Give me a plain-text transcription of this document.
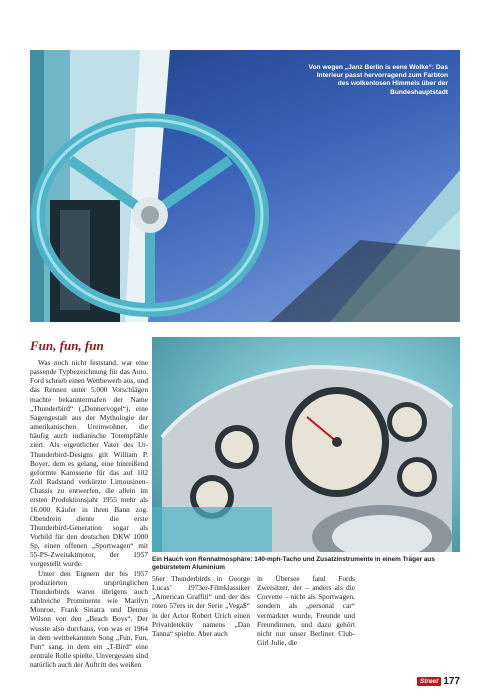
Von wegen „Janz Berlin is eene Wolke“: Das Interieur passt hervorragend zum Farbton des wolkenlosen Himmels über der Bundeshauptstadt
Fun, fun, fun

Was noch nicht feststand, war eine passende Typbezeichnung für das Auto. Ford schrieb einen Wettbewerb aus, und das Rennen unter 5.000 Vorschlägen machte bekanntermafen der Name „Thunderbird“ („Donnervogel“), eine Sagengestalt aus der Mythologie der amerikanischen Ureinwohner, die häufig auch indianische Totempfähle ziert. Als eigentlicher Vater des Ur-Thunderbird-Designs gilt William P. Boyer, dem es gelang, eine hinreißend geformte Karosserie für das auf 102 Zoll Radstand verkürzte Limousinen-Chassis zu entwerfen, die allein im ersten Produktionsjahr 1955 mehr als 16.000 Käufer in ihren Bann zog. Obendrein diente die erste Thunderbird-Generation sogar als Vorbild für den deutschen DKW 1000 Sp, einen offenen „Sportwagen“ mit 55-PS-Zweitaktmotor, der 1957 vorgestellt wurde.

Unter den Eignern der bis 1957 produzierten ursprünglichen Thunderbirds waren übrigens auch zahlreiche Prominente wie Marilyn Monroe, Frank Sinatra und Dennis Wilson von den „Beach Boys“. Der wusste also durchaus, von was er 1964 in dem weltbekannten Song „Fun, Fun, Fun“ sang, in dem ein „T-Bird“ eine zentrale Rolle spielte. Unvergessen sind natürlich auch der Auftritt des weißen

Ein Hauch von Rennatmosphäre: 140-mph-Tacho und Zusatzinstrumente in einem Träger aus gebürstetem Aluminium

56er Thunderbirds in George Lucas’ 1973er-Filmklassiker „American Graffiti“ und der des roten 57ers in der Serie „Vega$“ in der Actor Robert Urich einen Privatdetektiv namens „Dan Tanna“ spielte. Aber auch

in Übersee fand Fords Zweisitzer, der – anders als die Corvette – nicht als Sportwagen, sondern als „personal car“ vermarktet wurde, Freunde und Freundinnen, und dazu gehört nicht nur unser Berliner Club-Girl Julie, die

Street 177
